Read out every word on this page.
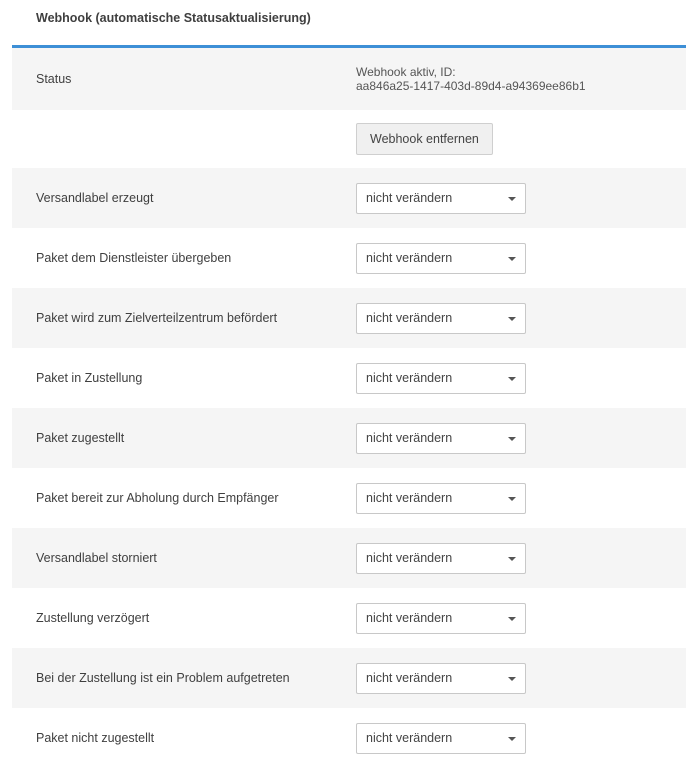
Webhook (automatische Statusaktualisierung)
Status	Webhook aktiv, ID:
aa846a25-1417-403d-89d4-a94369ee86b1
Webhook entfernen
Versandlabel erzeugt	nicht verändern
Paket dem Dienstleister übergeben	nicht verändern
Paket wird zum Zielverteilzentrum befördert	nicht verändern
Paket in Zustellung	nicht verändern
Paket zugestellt	nicht verändern
Paket bereit zur Abholung durch Empfänger	nicht verändern
Versandlabel storniert	nicht verändern
Zustellung verzögert	nicht verändern
Bei der Zustellung ist ein Problem aufgetreten	nicht verändern
Paket nicht zugestellt	nicht verändern
